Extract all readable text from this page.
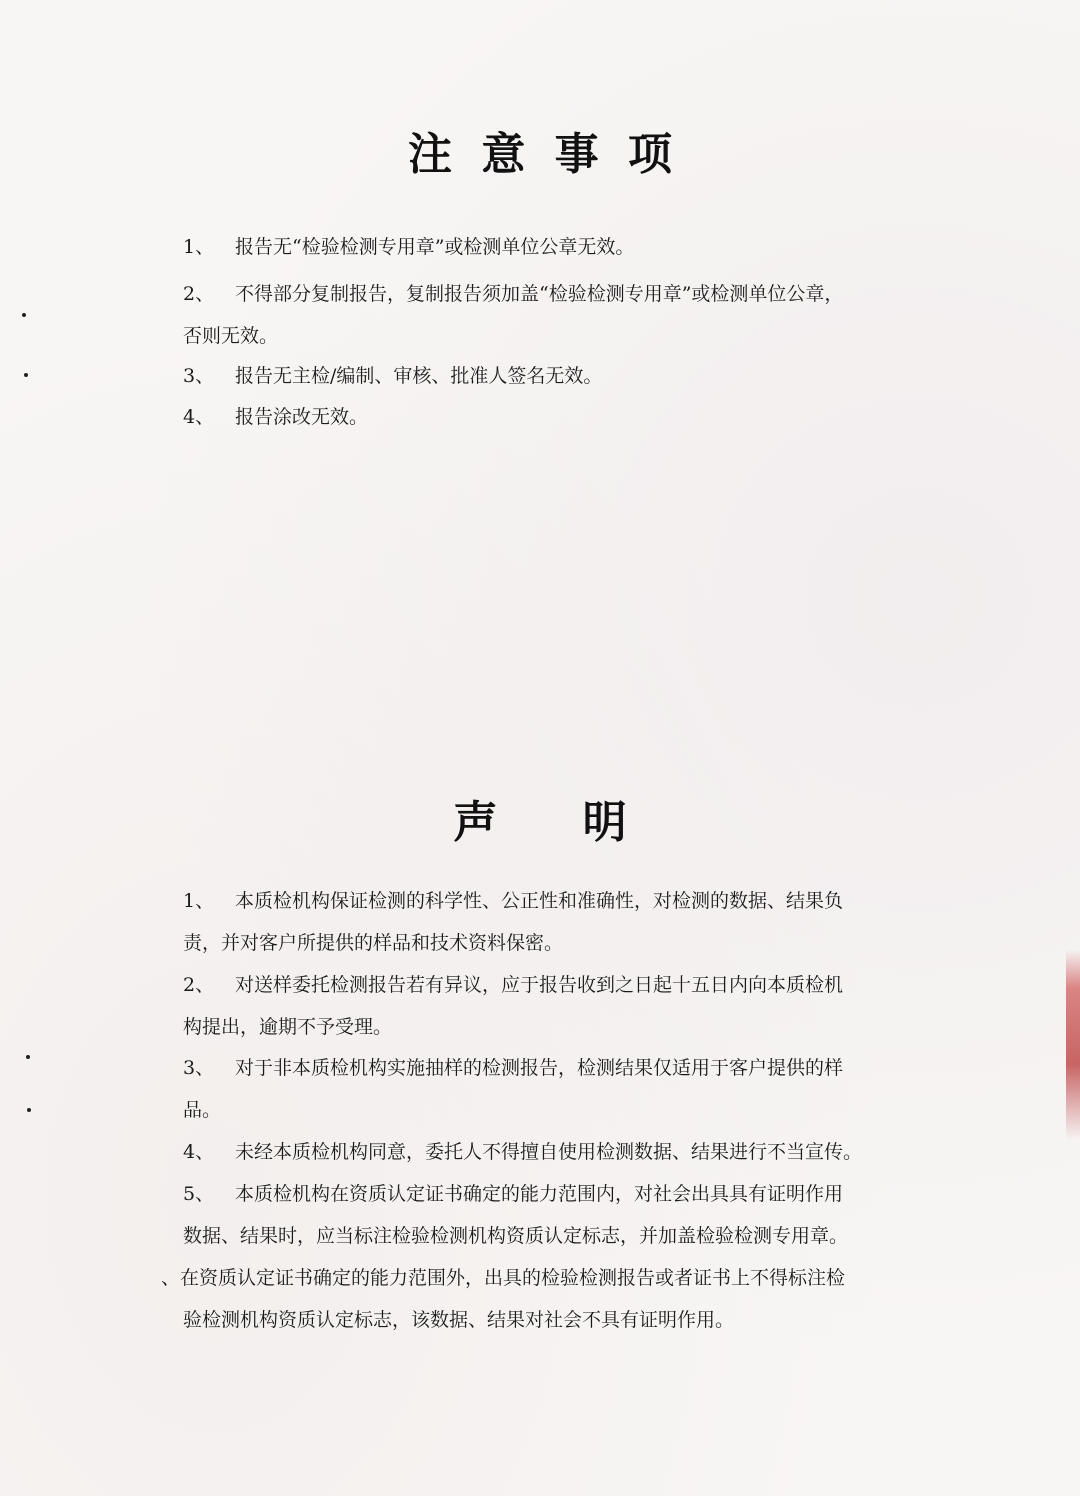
注 意 事 项

1、 报告无“检验检测专用章”或检测单位公章无效。

2、 不得部分复制报告，复制报告须加盖“检验检测专用章”或检测单位公章，
否则无效。

3、 报告无主检/编制、审核、批准人签名无效。

4、 报告涂改无效。

声 明

1、 本质检机构保证检测的科学性、公正性和准确性，对检测的数据、结果负
责，并对客户所提供的样品和技术资料保密。

2、 对送样委托检测报告若有异议，应于报告收到之日起十五日内向本质检机
构提出，逾期不予受理。

3、 对于非本质检机构实施抽样的检测报告，检测结果仅适用于客户提供的样
品。

4、 未经本质检机构同意，委托人不得擅自使用检测数据、结果进行不当宣传。

5、 本质检机构在资质认定证书确定的能力范围内，对社会出具具有证明作用
数据、结果时，应当标注检验检测机构资质认定标志，并加盖检验检测专用章。
、在资质认定证书确定的能力范围外，出具的检验检测报告或者证书上不得标注检
验检测机构资质认定标志，该数据、结果对社会不具有证明作用。
